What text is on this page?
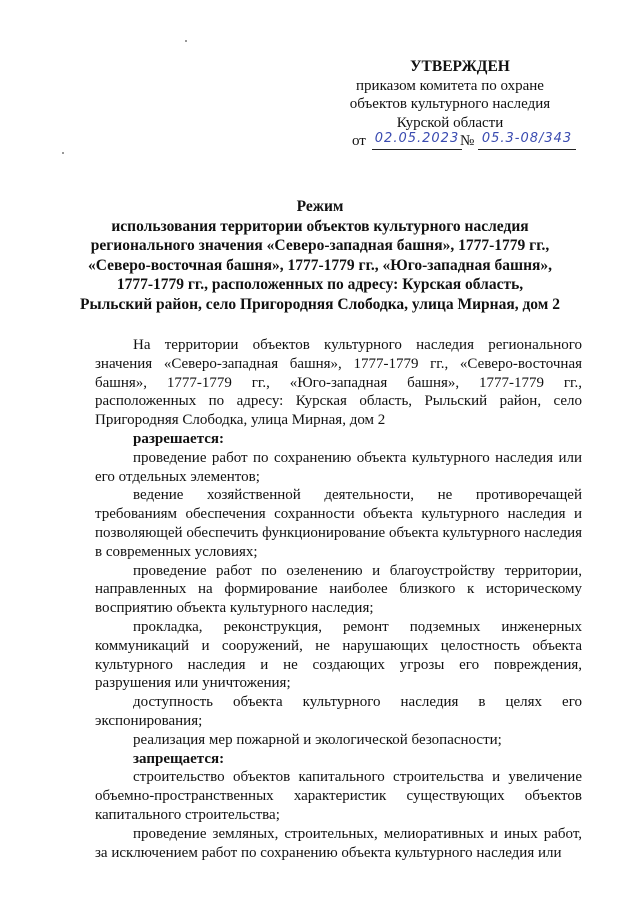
УТВЕРЖДЕН
приказом комитета по охране
объектов культурного наследия
Курской области
от 02.05.2023 № 05.3-08/343
Режим
использования территории объектов культурного наследия
регионального значения «Северо-западная башня», 1777-1779 гг.,
«Северо-восточная башня», 1777-1779 гг., «Юго-западная башня»,
1777-1779 гг., расположенных по адресу: Курская область,
Рыльский район, село Пригородняя Слободка, улица Мирная, дом 2

На территории объектов культурного наследия регионального значения «Северо-западная башня», 1777-1779 гг., «Северо-восточная башня», 1777-1779 гг., «Юго-западная башня», 1777-1779 гг., расположенных по адресу: Курская область, Рыльский район, село Пригородняя Слободка, улица Мирная, дом 2

разрешается:

проведение работ по сохранению объекта культурного наследия или его отдельных элементов;

ведение хозяйственной деятельности, не противоречащей требованиям обеспечения сохранности объекта культурного наследия и позволяющей обеспечить функционирование объекта культурного наследия в современных условиях;

проведение работ по озеленению и благоустройству территории, направленных на формирование наиболее близкого к историческому восприятию объекта культурного наследия;

прокладка, реконструкция, ремонт подземных инженерных коммуникаций и сооружений, не нарушающих целостность объекта культурного наследия и не создающих угрозы его повреждения, разрушения или уничтожения;

доступность объекта культурного наследия в целях его экспонирования;

реализация мер пожарной и экологической безопасности;

запрещается:

строительство объектов капитального строительства и увеличение объемно-пространственных характеристик существующих объектов капитального строительства;

проведение земляных, строительных, мелиоративных и иных работ, за исключением работ по сохранению объекта культурного наследия или
